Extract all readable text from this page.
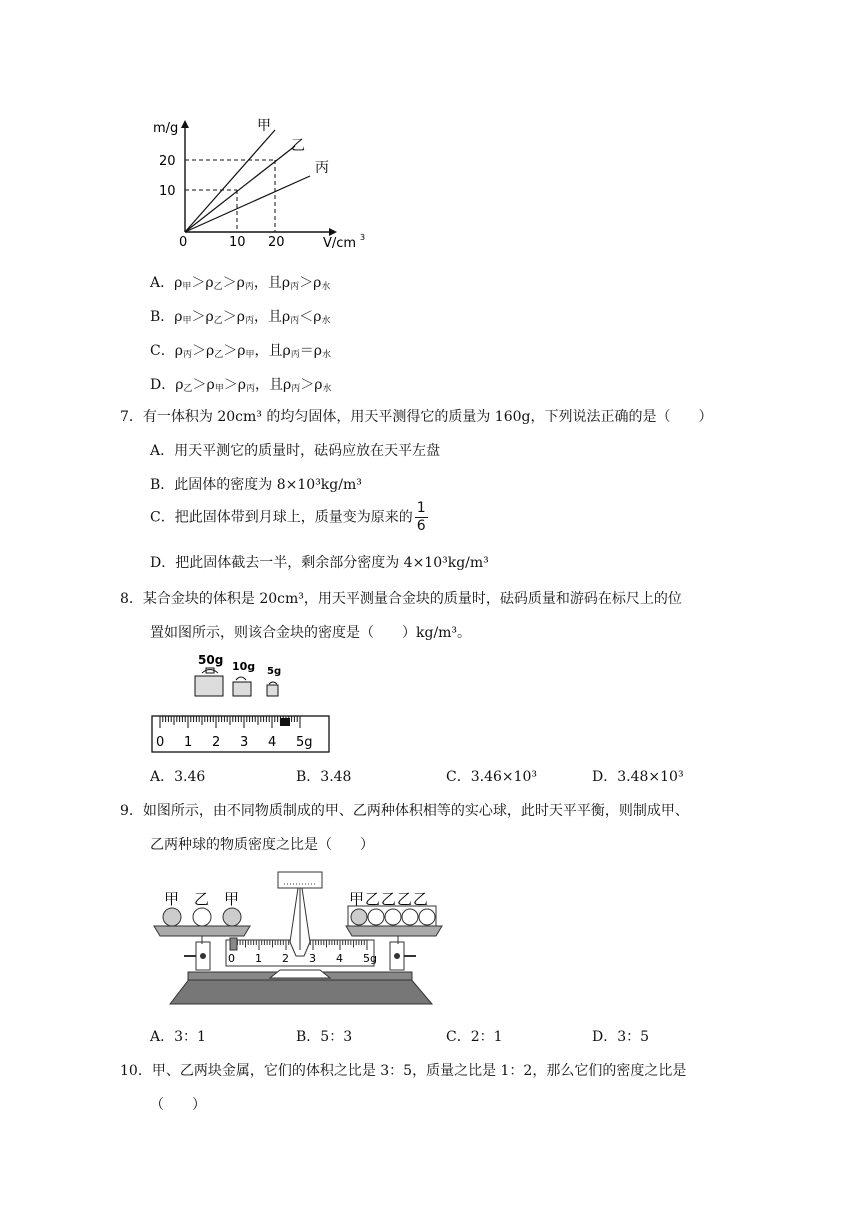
m/g
V/cm 3
0
10
20
10 20
甲
乙
丙
A．$\rho_甲>\rho_乙>\rho_丙$，且$\rho_丙>\rho_水$
B．$\rho_甲>\rho_乙>\rho_丙$，且$\rho_丙<\rho_水$
C．$\rho_丙>\rho_乙>\rho_甲$，且$\rho_丙=\rho_水$
D．$\rho_乙>\rho_甲>\rho_丙$，且$\rho_丙>\rho_水$
7．有一体积为 20cm³ 的均匀固体，用天平测得它的质量为 160g，下列说法正确的是（　　）
A．用天平测它的质量时，砝码应放在天平左盘
B．此固体的密度为 8×10³kg/m³
C．把此固体带到月球上，质量变为原来的 $\frac{1}{6}$
D．把此固体截去一半，剩余部分密度为 4×10³kg/m³
8．某合金块的体积是 20cm³，用天平测量合金块的质量时，砝码质量和游码在标尺上的位
置如图所示，则该合金块的密度是（　　）kg/m³。
50g 10g 5g
0 1 2 3 4 5g
A．3.46	B．3.48	C．3.46×10³	D．3.48×10³
9．如图所示，由不同物质制成的甲、乙两种体积相等的实心球，此时天平平衡，则制成甲、
乙两种球的物质密度之比是（　　）
0 1 2 3 4 5g
甲 乙 甲	甲乙乙乙乙
A．3：1	B．5：3	C．2：1	D．3：5
10．甲、乙两块金属，它们的体积之比是 3：5，质量之比是 1：2，那么它们的密度之比是
（　　）
